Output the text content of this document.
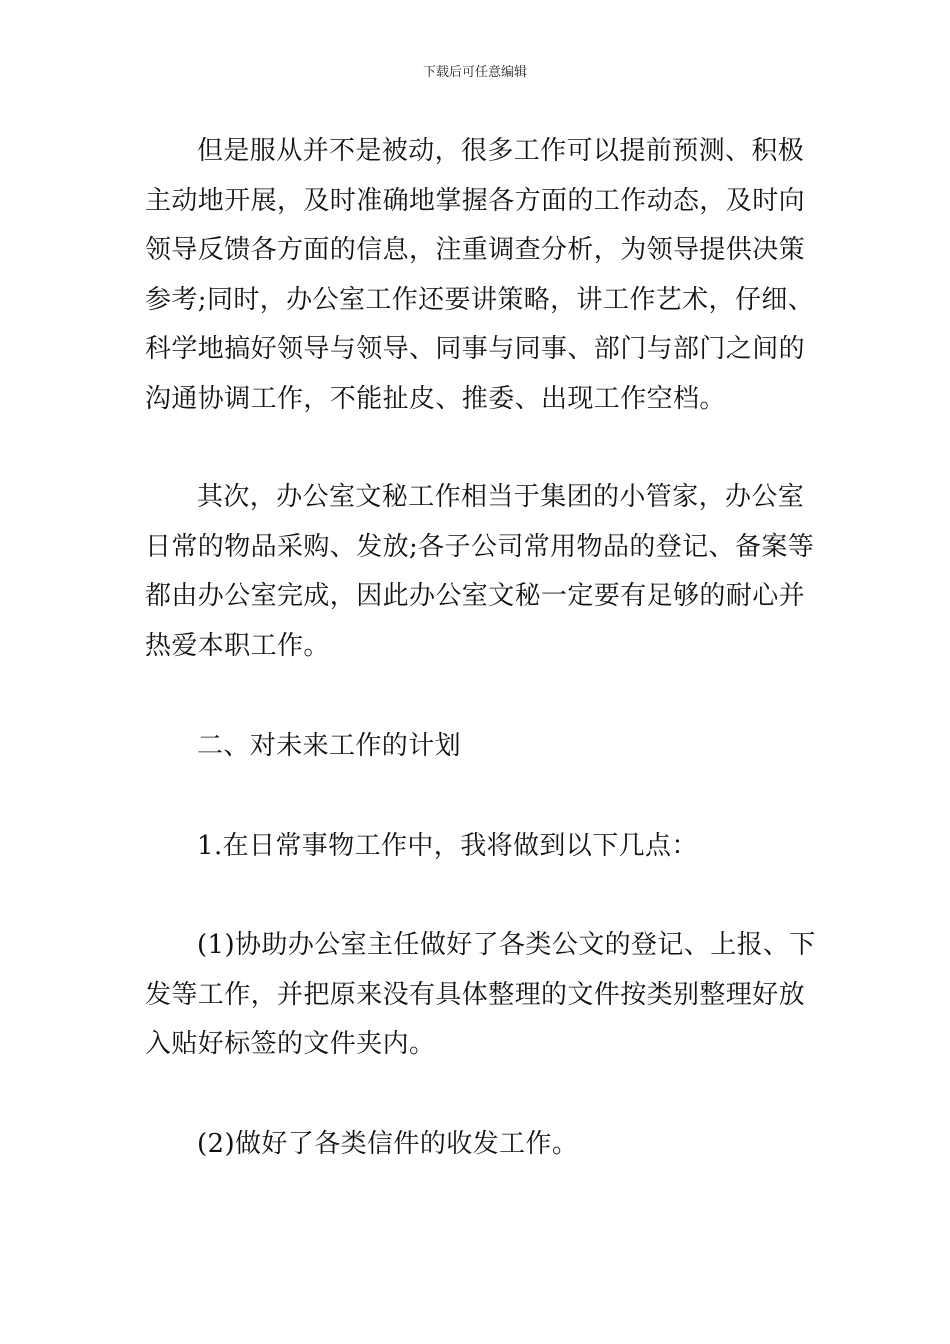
下载后可任意编辑

但是服从并不是被动，很多工作可以提前预测、积极
主动地开展，及时准确地掌握各方面的工作动态，及时向
领导反馈各方面的信息，注重调查分析，为领导提供决策
参考;同时，办公室工作还要讲策略，讲工作艺术，仔细、
科学地搞好领导与领导、同事与同事、部门与部门之间的
沟通协调工作，不能扯皮、推委、出现工作空档。

其次，办公室文秘工作相当于集团的小管家，办公室
日常的物品采购、发放;各子公司常用物品的登记、备案等
都由办公室完成，因此办公室文秘一定要有足够的耐心并
热爱本职工作。

二、对未来工作的计划

1.在日常事物工作中，我将做到以下几点：

(1)协助办公室主任做好了各类公文的登记、上报、下
发等工作，并把原来没有具体整理的文件按类别整理好放
入贴好标签的文件夹内。

(2)做好了各类信件的收发工作。
